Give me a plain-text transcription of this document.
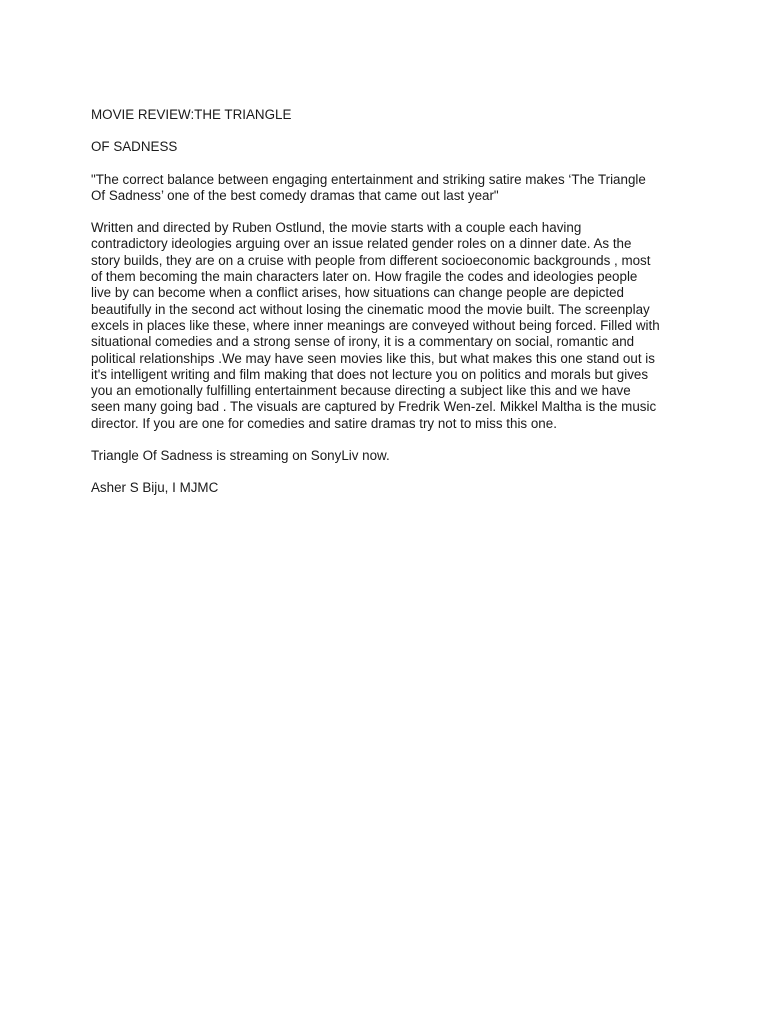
MOVIE REVIEW:THE TRIANGLE

OF SADNESS

"The correct balance between engaging entertainment and striking satire makes ‘The Triangle
Of Sadness’ one of the best comedy dramas that came out last year"

Written and directed by Ruben Ostlund, the movie starts with a couple each having
contradictory ideologies arguing over an issue related gender roles on a dinner date. As the
story builds, they are on a cruise with people from different socioeconomic backgrounds , most
of them becoming the main characters later on. How fragile the codes and ideologies people
live by can become when a conflict arises, how situations can change people are depicted
beautifully in the second act without losing the cinematic mood the movie built. The screenplay
excels in places like these, where inner meanings are conveyed without being forced. Filled with
situational comedies and a strong sense of irony, it is a commentary on social, romantic and
political relationships .We may have seen movies like this, but what makes this one stand out is
it's intelligent writing and film making that does not lecture you on politics and morals but gives
you an emotionally fulfilling entertainment because directing a subject like this and we have
seen many going bad . The visuals are captured by Fredrik Wen-zel. Mikkel Maltha is the music
director. If you are one for comedies and satire dramas try not to miss this one.

Triangle Of Sadness is streaming on SonyLiv now.

Asher S Biju, I MJMC
